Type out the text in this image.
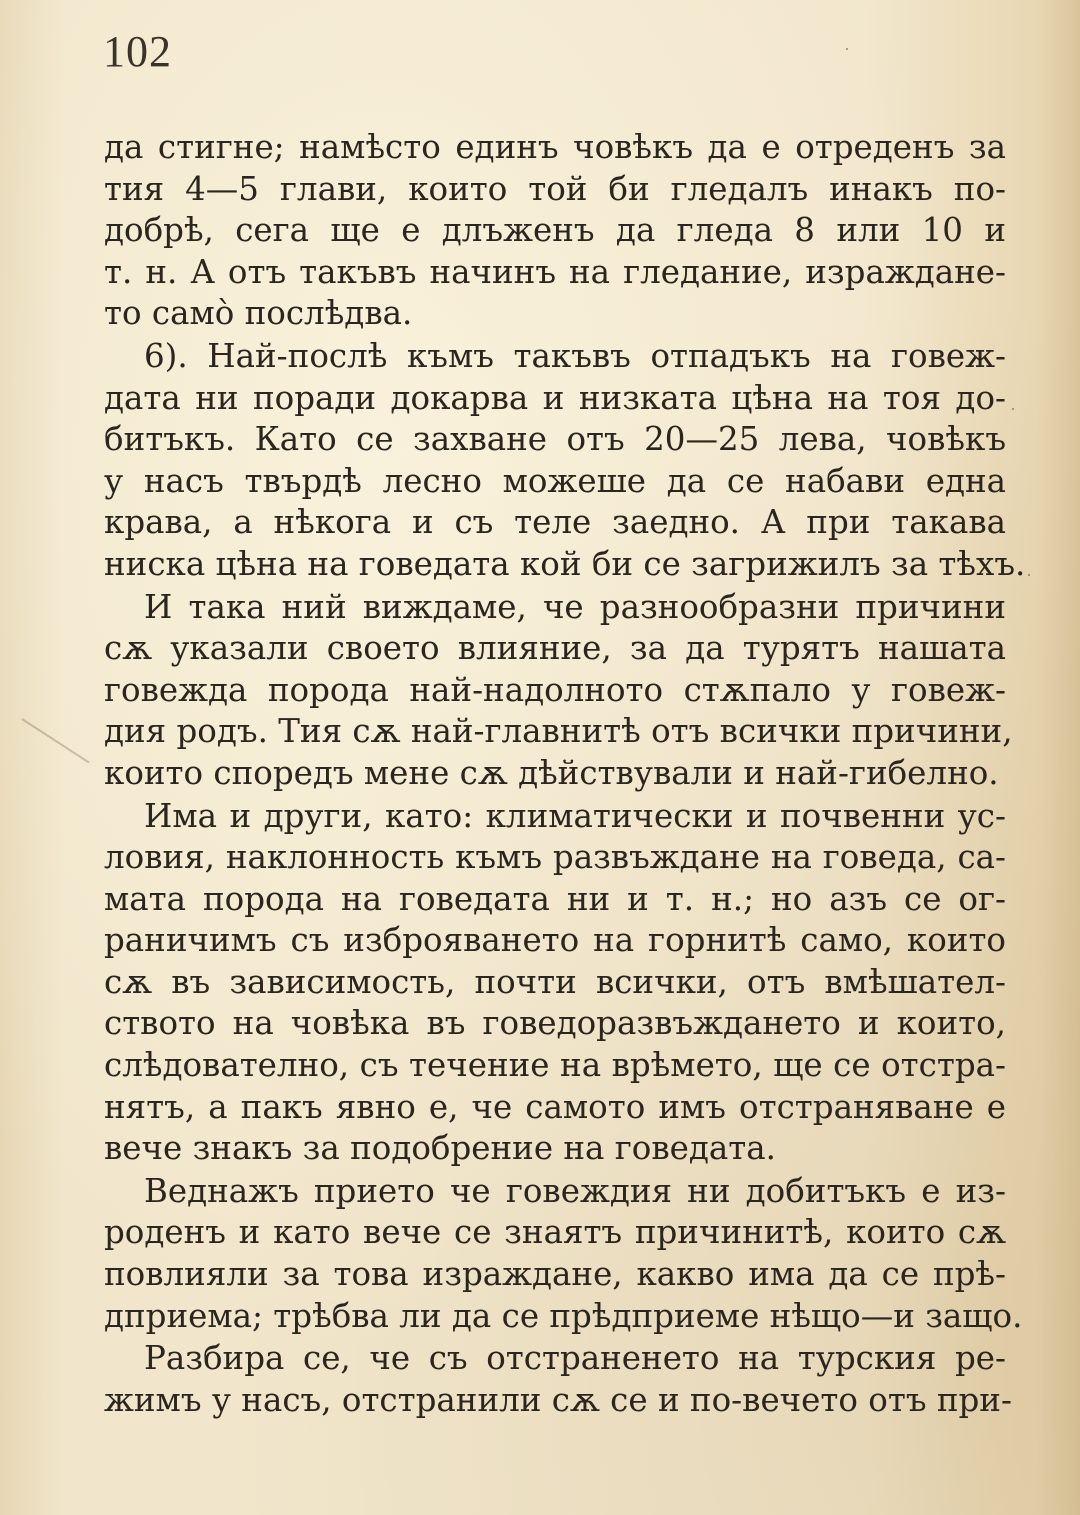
102

да стигне; намѣсто единъ човѣкъ да е отреденъ за
тия 4—5 глави, които той би гледалъ инакъ по-
добрѣ, сега ще е длъженъ да гледа 8 или 10 и
т. н. А отъ такъвъ начинъ на гледание, израждане-
то само̀ послѣдва.

6). Най-послѣ къмъ такъвъ отпадъкъ на говеж-
дата ни поради докарва и низката цѣна на тоя до-
битъкъ. Като се захване отъ 20—25 лева, човѣкъ
у насъ твърдѣ лесно можеше да се набави една
крава, а нѣкога и съ теле заедно. А при такава
ниска цѣна на говедата кой би се загрижилъ за тѣхъ.

И така ний виждаме, че разнообразни причини
сѫ указали своето влияние, за да турятъ нашата
говежда порода най-надолното стѫпало у говеж-
дия родъ. Тия сѫ най-главнитѣ отъ всички причини,
които споредъ мене сѫ дѣйствували и най-гибелно.

Има и други, като: климатически и почвенни ус-
ловия, наклонность къмъ развъждане на говеда, са-
мата порода на говедата ни и т. н.; но азъ се ог-
раничимъ съ изброяването на горнитѣ само, които
сѫ въ зависимость, почти всички, отъ вмѣшател-
ството на човѣка въ говедоразвъждането и които,
слѣдователно, съ течение на врѣмето, ще се отстра-
нятъ, а пакъ явно е, че самото имъ отстраняване е
вече знакъ за подобрение на говедата.

Веднажъ прието че говеждия ни добитъкъ е из-
роденъ и като вече се знаятъ причинитѣ, които сѫ
повлияли за това израждане, какво има да се прѣ-
дприема; трѣбва ли да се прѣдприеме нѣщо—и защо.

Разбира се, че съ отстраненето на турския ре-
жимъ у насъ, отстранили сѫ се и по-вечето отъ при-
